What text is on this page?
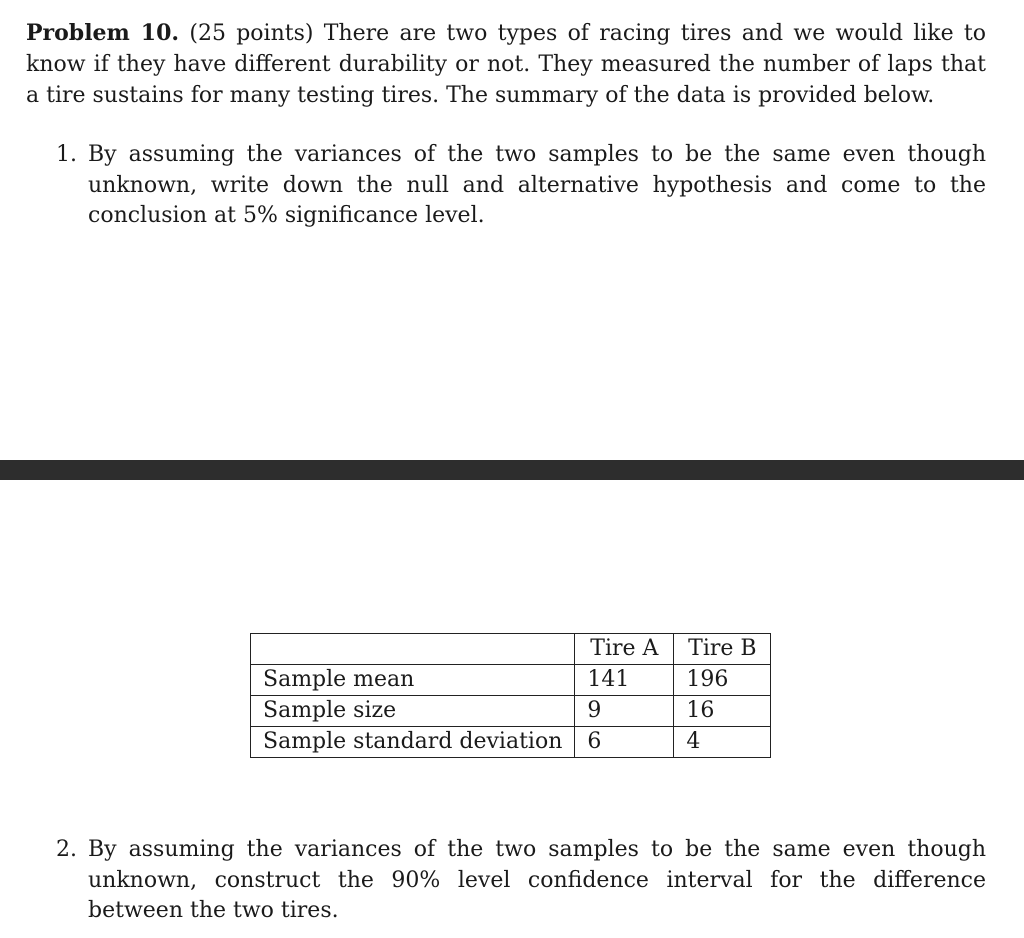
Problem 10. (25 points) There are two types of racing tires and we would like to know if they have different durability or not. They measured the number of laps that a tire sustains for many testing tires. The summary of the data is provided below.
1. By assuming the variances of the two samples to be the same even though unknown, write down the null and alternative hypothesis and come to the conclusion at 5% significance level.
	Tire A	Tire B
Sample mean	141	196
Sample size	9	16
Sample standard deviation	6	4
2. By assuming the variances of the two samples to be the same even though unknown, construct the 90% level confidence interval for the difference between the two tires.
